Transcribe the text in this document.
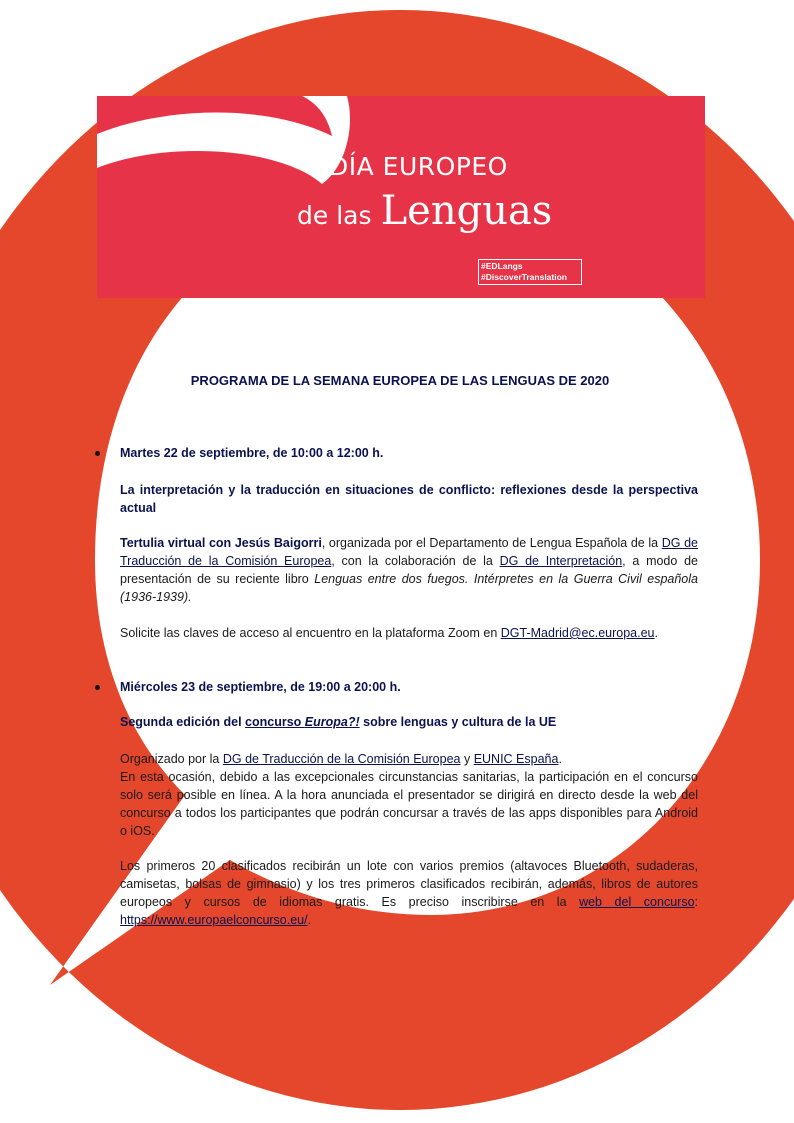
DÍA EUROPEO
de las Lenguas
#EDLangs
#DiscoverTranslation
PROGRAMA DE LA SEMANA EUROPEA DE LAS LENGUAS DE 2020
Martes 22 de septiembre, de 10:00 a 12:00 h.
La interpretación y la traducción en situaciones de conflicto: reflexiones desde la perspectiva actual

Tertulia virtual con Jesús Baigorri, organizada por el Departamento de Lengua Española de la DG de Traducción de la Comisión Europea, con la colaboración de la DG de Interpretación, a modo de presentación de su reciente libro Lenguas entre dos fuegos. Intérpretes en la Guerra Civil española (1936-1939).

Solicite las claves de acceso al encuentro en la plataforma Zoom en DGT-Madrid@ec.europa.eu.

Miércoles 23 de septiembre, de 19:00 a 20:00 h.
Segunda edición del concurso Europa?! sobre lenguas y cultura de la UE

Organizado por la DG de Traducción de la Comisión Europea y EUNIC España.

En esta ocasión, debido a las excepcionales circunstancias sanitarias, la participación en el concurso solo será posible en línea. A la hora anunciada el presentador se dirigirá en directo desde la web del concurso a todos los participantes que podrán concursar a través de las apps disponibles para Android o iOS.

Los primeros 20 clasificados recibirán un lote con varios premios (altavoces Bluetooth, sudaderas, camisetas, bolsas de gimnasio) y los tres primeros clasificados recibirán, además, libros de autores europeos y cursos de idiomas gratis. Es preciso inscribirse en la web del concurso: https://www.europaelconcurso.eu/.
